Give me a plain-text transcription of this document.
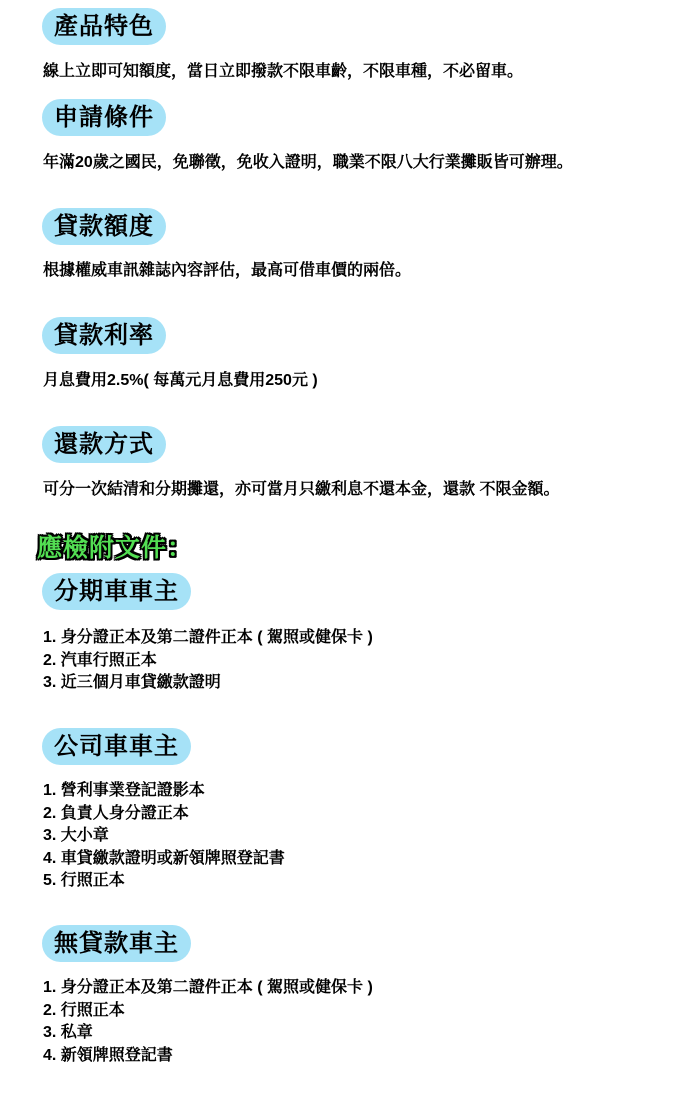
產品特色
線上立即可知額度，當日立即撥款不限車齡，不限車種，不必留車。
申請條件
年滿20歲之國民，免聯徵，免收入證明，職業不限八大行業攤販皆可辦理。
貸款額度
根據權威車訊雜誌內容評估，最高可借車價的兩倍。
貸款利率
月息費用2.5%( 每萬元月息費用250元 )
還款方式
可分一次結清和分期攤還，亦可當月只繳利息不還本金，還款 不限金額。
應檢附文件：
分期車車主
1. 身分證正本及第二證件正本 ( 駕照或健保卡 )
2. 汽車行照正本
3. 近三個月車貸繳款證明
公司車車主
1. 營利事業登記證影本
2. 負責人身分證正本
3. 大小章
4. 車貸繳款證明或新領牌照登記書
5. 行照正本
無貸款車主
1. 身分證正本及第二證件正本 ( 駕照或健保卡 )
2. 行照正本
3. 私章
4. 新領牌照登記書
